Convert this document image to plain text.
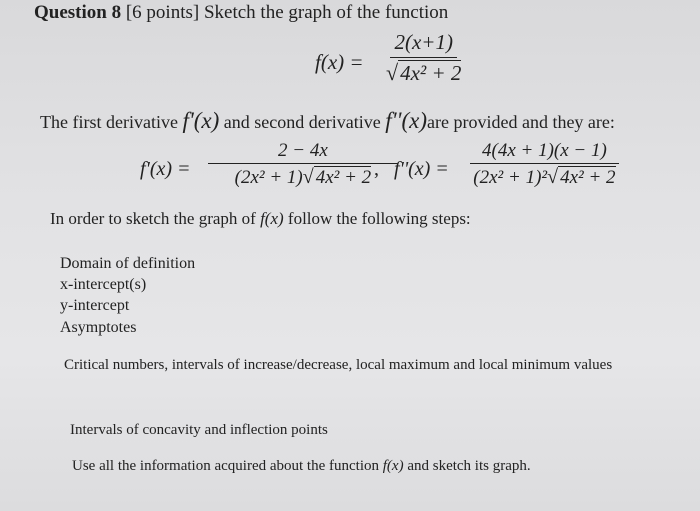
Question 8 [6 points] Sketch the graph of the function
$f(x) = \frac{2(x+1)}{\text{√4x² + 2}}$
The first derivative f'(x) and second derivative f''(x)are provided and they are:
$f'(x) = \frac{2 - 4x}{\text{(2x² + 1)√ 4x² + 2}}$
, $f''(x) = \frac{4(4x + 1)(x - 1)}{\text{(2x² + 1)²√ 4x² + 2}}$
In order to sketch the graph of f(x) follow the following steps:
Domain of definition
x-intercept(s)
y-intercept
Asymptotes
Critical numbers, intervals of increase/decrease, local maximum and local minimum values
Intervals of concavity and inflection points
Use all the information acquired about the function f(x) and sketch its graph.
